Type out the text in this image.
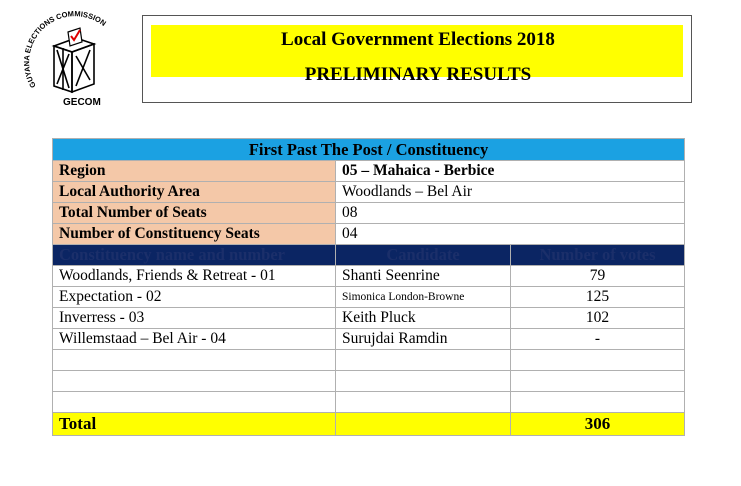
GUYANA ELECTIONS COMMISSION
GECOM
Local Government Elections 2018
PRELIMINARY RESULTS
First Past The Post / Constituency		
Region	05 – Mahaica - Berbice	
Local Authority Area	Woodlands – Bel Air	
Total Number of Seats	08	
Number of Constituency Seats	04	
Constituency name and number	Candidate	Number of votes
Woodlands, Friends & Retreat - 01	Shanti Seenrine	79
Expectation - 02	Simonica London-Browne	125
Inverress - 03	Keith Pluck	102
Willemstaad – Bel Air - 04	Surujdai Ramdin	-

Total		306
